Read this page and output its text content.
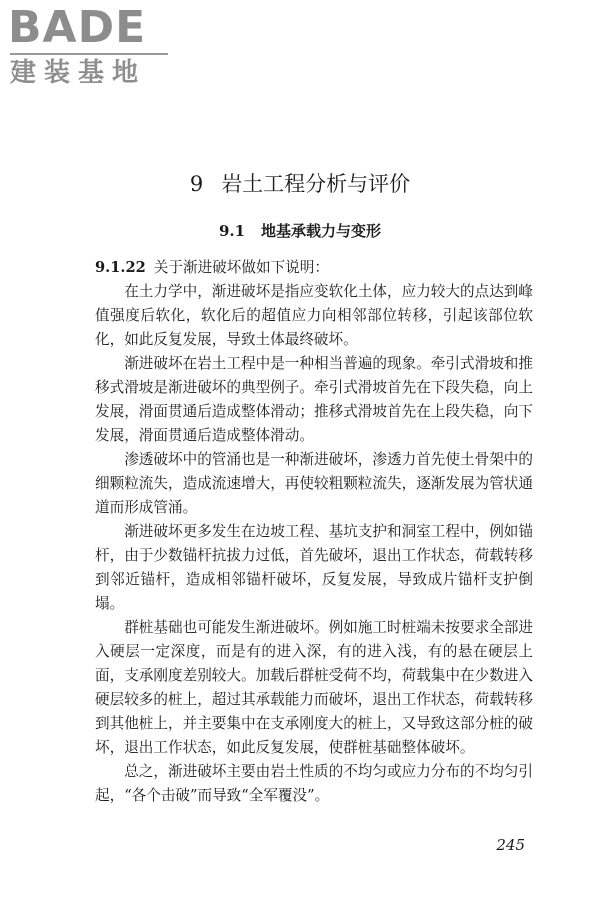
BADE
建装基地
9 岩土工程分析与评价
9.1 地基承载力与变形

9.1.22 关于渐进破坏做如下说明：

在土力学中，渐进破坏是指应变软化土体，应力较大的点达到峰值强度后软化，软化后的超值应力向相邻部位转移，引起该部位软化，如此反复发展，导致土体最终破坏。

渐进破坏在岩土工程中是一种相当普遍的现象。牵引式滑坡和推移式滑坡是渐进破坏的典型例子。牵引式滑坡首先在下段失稳，向上发展，滑面贯通后造成整体滑动；推移式滑坡首先在上段失稳，向下发展，滑面贯通后造成整体滑动。

渗透破坏中的管涌也是一种渐进破坏，渗透力首先使土骨架中的细颗粒流失，造成流速增大，再使较粗颗粒流失，逐渐发展为管状通道而形成管涌。

渐进破坏更多发生在边坡工程、基坑支护和洞室工程中，例如锚杆，由于少数锚杆抗拔力过低，首先破坏，退出工作状态，荷载转移到邻近锚杆，造成相邻锚杆破坏，反复发展，导致成片锚杆支护倒塌。

群桩基础也可能发生渐进破坏。例如施工时桩端未按要求全部进入硬层一定深度，而是有的进入深，有的进入浅，有的悬在硬层上面，支承刚度差别较大。加载后群桩受荷不均，荷载集中在少数进入硬层较多的桩上，超过其承载能力而破坏，退出工作状态，荷载转移到其他桩上，并主要集中在支承刚度大的桩上，又导致这部分桩的破坏，退出工作状态，如此反复发展，使群桩基础整体破坏。

总之，渐进破坏主要由岩土性质的不均匀或应力分布的不均匀引起，“各个击破”而导致“全军覆没”。

245
